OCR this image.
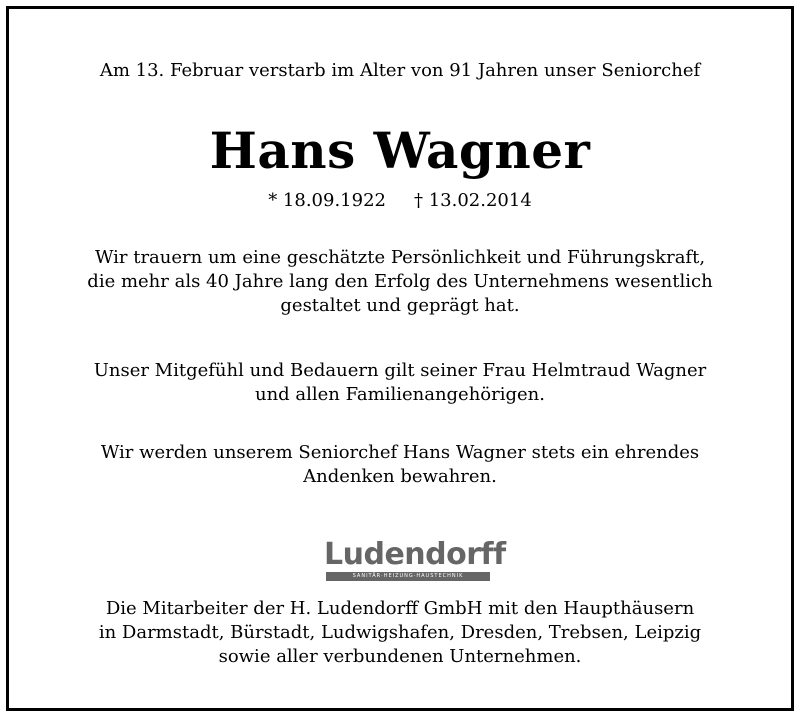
Am 13. Februar verstarb im Alter von 91 Jahren unser Seniorchef

Hans Wagner

* 18.09.1922 † 13.02.2014

Wir trauern um eine geschätzte Persönlichkeit und Führungskraft,
die mehr als 40 Jahre lang den Erfolg des Unternehmens wesentlich
gestaltet und geprägt hat.
Unser Mitgefühl und Bedauern gilt seiner Frau Helmtraud Wagner
und allen Familienangehörigen.
Wir werden unserem Seniorchef Hans Wagner stets ein ehrendes
Andenken bewahren.
Ludendorff
SANITÄR·HEIZUNG·HAUSTECHNIK
Die Mitarbeiter der H. Ludendorff GmbH mit den Haupthäusern
in Darmstadt, Bürstadt, Ludwigshafen, Dresden, Trebsen, Leipzig
sowie aller verbundenen Unternehmen.
